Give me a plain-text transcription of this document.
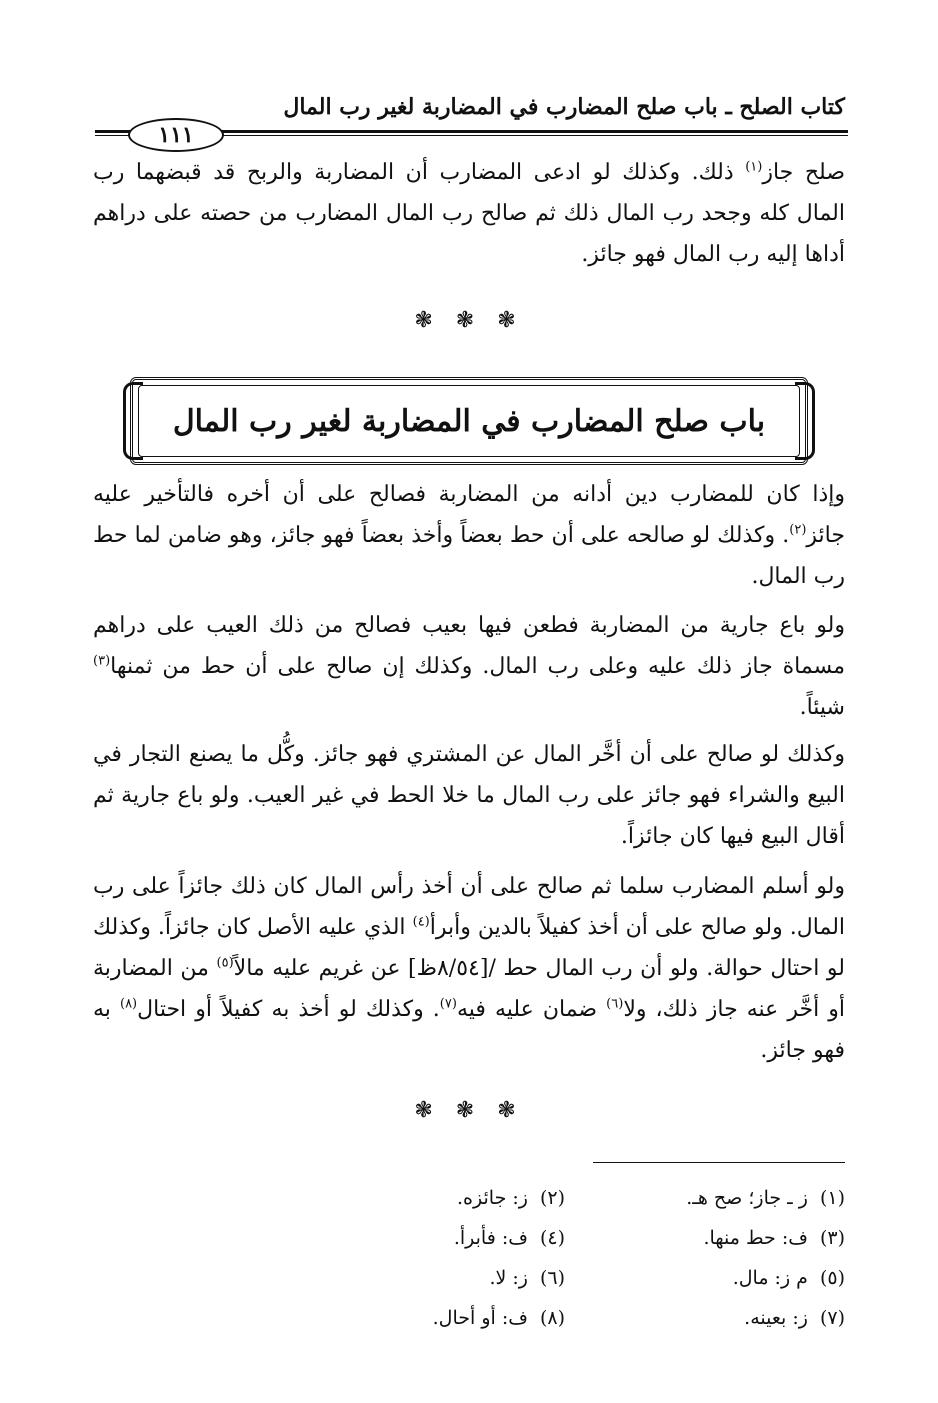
كتاب الصلح ـ باب صلح المضارب في المضاربة لغير رب المال
١١١
صلح جاز$^{(١)}$ ذلك. وكذلك لو ادعى المضارب أن المضاربة والربح قد قبضهما رب المال كله وجحد رب المال ذلك ثم صالح رب المال المضارب من حصته على دراهم أداها إليه رب المال فهو جائز.
❃ ❃ ❃
باب صلح المضارب في المضاربة لغير رب المال
وإذا كان للمضارب دين أدانه من المضاربة فصالح على أن أخره فالتأخير عليه جائز$^{(٢)}$. وكذلك لو صالحه على أن حط بعضاً وأخذ بعضاً فهو جائز، وهو ضامن لما حط رب المال.
ولو باع جارية من المضاربة فطعن فيها بعيب فصالح من ذلك العيب على دراهم مسماة جاز ذلك عليه وعلى رب المال. وكذلك إن صالح على أن حط من ثمنها$^{(٣)}$ شيئاً.
وكذلك لو صالح على أن أخَّر المال عن المشتري فهو جائز. وكُّل ما يصنع التجار في البيع والشراء فهو جائز على رب المال ما خلا الحط في غير العيب. ولو باع جارية ثم أقال البيع فيها كان جائزاً.
ولو أسلم المضارب سلما ثم صالح على أن أخذ رأس المال كان ذلك جائزاً على رب المال. ولو صالح على أن أخذ كفيلاً بالدين وأبرأ$^{(٤)}$ الذي عليه الأصل كان جائزاً. وكذلك لو احتال حوالة. ولو أن رب المال حط /[٨/٥٤ظ] عن غريم عليه مالاً$^{(٥)}$ من المضاربة أو أخَّر عنه جاز ذلك، ولا$^{(٦)}$ ضمان عليه فيه$^{(٧)}$. وكذلك لو أخذ به كفيلاً أو احتال$^{(٨)}$ به فهو جائز.
❃ ❃ ❃
(١)ز ـ جاز؛ صح هـ.
(٢)ز: جائزه.
(٣)ف: حط منها.
(٤)ف: فأبرأ.
(٥)م ز: مال.
(٦)ز: لا.
(٧)ز: بعينه.
(٨)ف: أو أحال.
